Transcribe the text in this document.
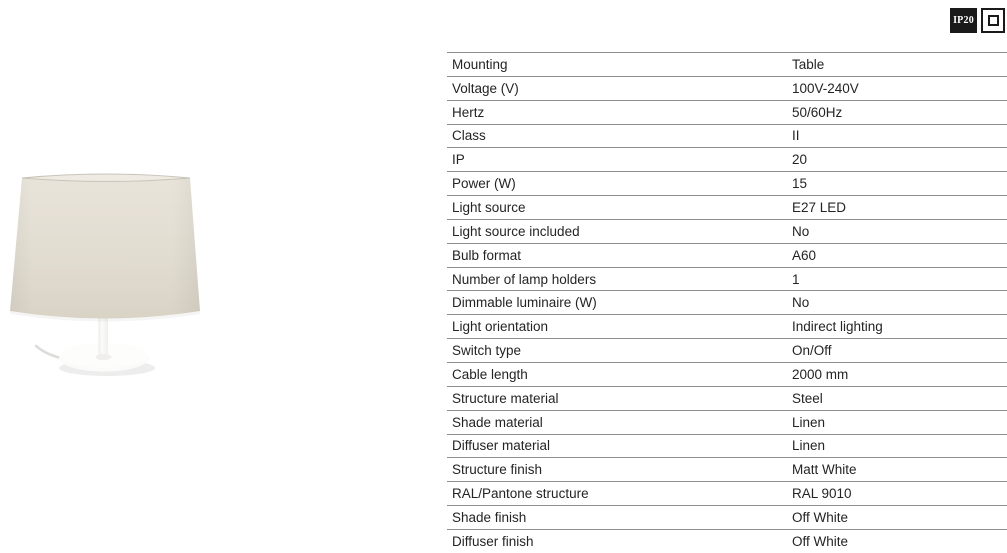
IP20
Mounting	Table
Voltage (V)	100V-240V
Hertz	50/60Hz
Class	II
IP	20
Power (W)	15
Light source	E27 LED
Light source included	No
Bulb format	A60
Number of lamp holders	1
Dimmable luminaire (W)	No
Light orientation	Indirect lighting
Switch type	On/Off
Cable length	2000 mm
Structure material	Steel
Shade material	Linen
Diffuser material	Linen
Structure finish	Matt White
RAL/Pantone structure	RAL 9010
Shade finish	Off White
Diffuser finish	Off White
